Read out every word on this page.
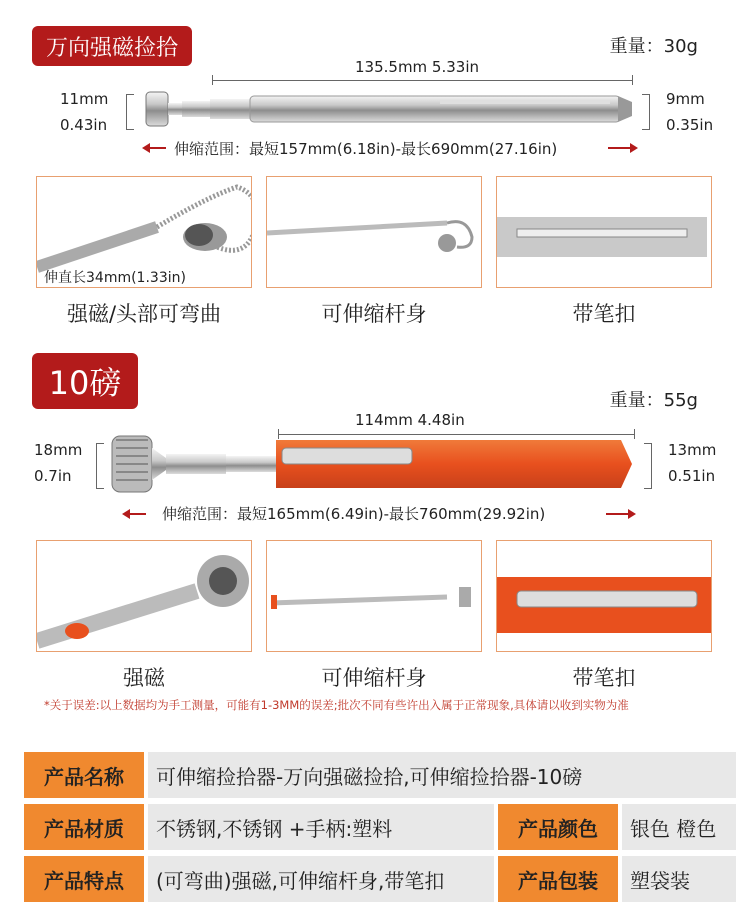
万向强磁捡拾	重量：30g
135.5mm 5.33in
11mm
0.43in
9mm
0.35in
伸缩范围：最短157mm(6.18in)-最长690mm(27.16in)
伸直长34mm(1.33in)
强磁/头部可弯曲	可伸缩杆身	带笔扣
10磅	重量：55g
114mm 4.48in
18mm
0.7in
13mm
0.51in
伸缩范围：最短165mm(6.49in)-最长760mm(29.92in)
强磁	可伸缩杆身	带笔扣
*关于误差:以上数据均为手工测量，可能有1-3MM的误差;批次不同有些许出入属于正常现象,具体请以收到实物为准
产品名称	可伸缩捡拾器-万向强磁捡拾,可伸缩捡拾器-10磅
产品材质	不锈钢,不锈钢 +手柄:塑料	产品颜色	银色 橙色
产品特点	(可弯曲)强磁,可伸缩杆身,带笔扣	产品包装	塑袋装
